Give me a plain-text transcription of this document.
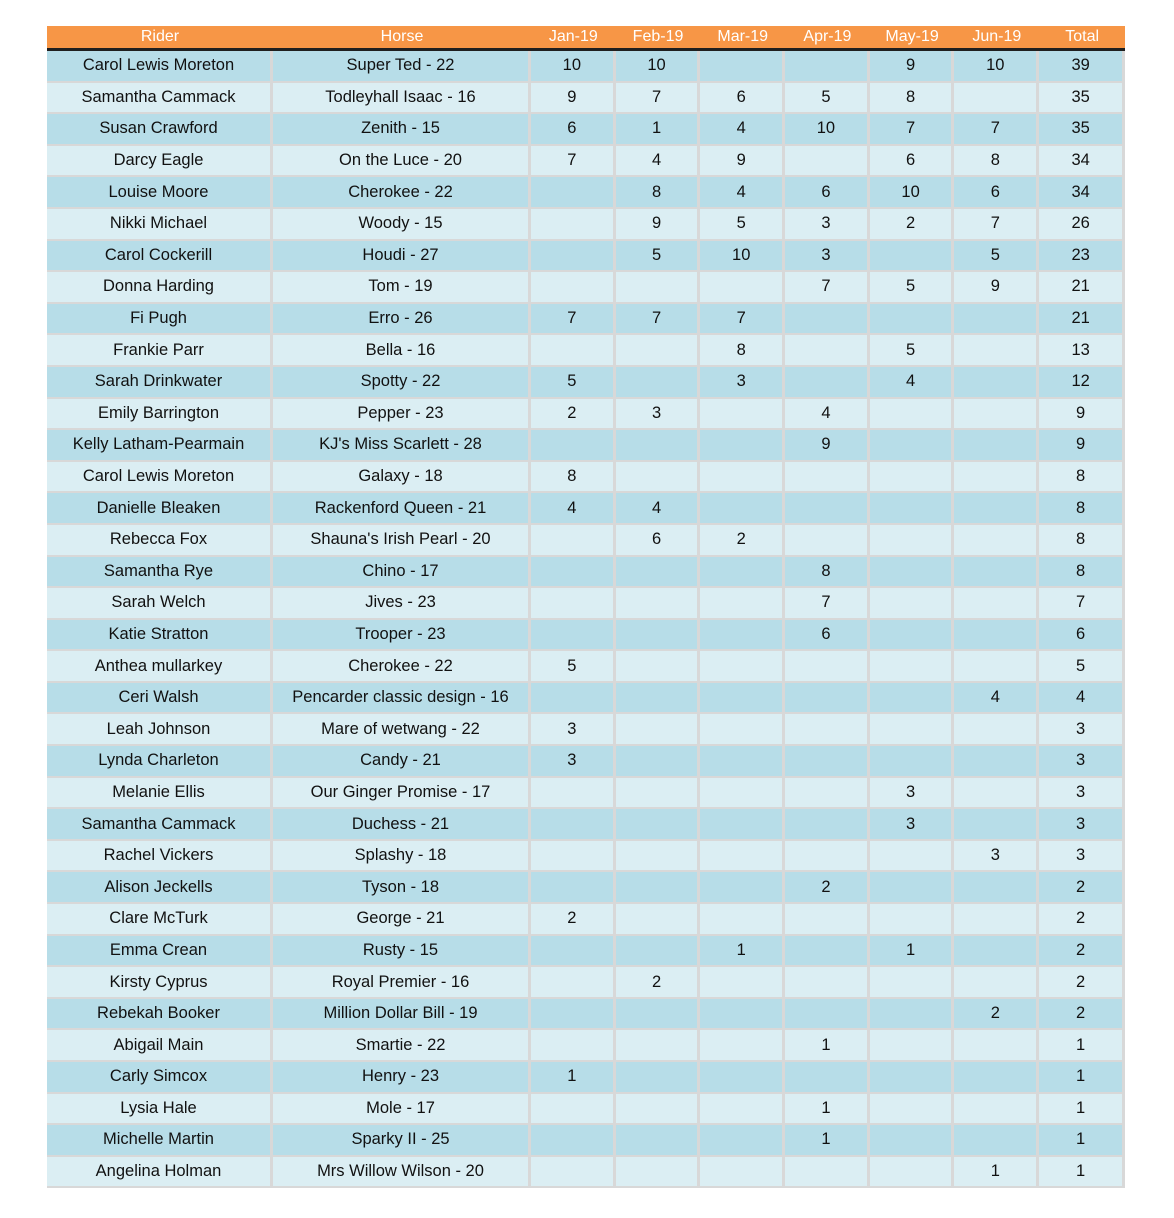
Rider	Horse	Jan-19	Feb-19	Mar-19	Apr-19	May-19	Jun-19	Total
Carol Lewis Moreton	Super Ted - 22	10	10			9	10	39
Samantha Cammack	Todleyhall Isaac - 16	9	7	6	5	8		35
Susan Crawford	Zenith - 15	6	1	4	10	7	7	35
Darcy Eagle	On the Luce - 20	7	4	9		6	8	34
Louise Moore	Cherokee - 22		8	4	6	10	6	34
Nikki Michael	Woody - 15		9	5	3	2	7	26
Carol Cockerill	Houdi - 27		5	10	3		5	23
Donna Harding	Tom - 19				7	5	9	21
Fi Pugh	Erro - 26	7	7	7				21
Frankie Parr	Bella - 16			8		5		13
Sarah Drinkwater	Spotty - 22	5		3		4		12
Emily Barrington	Pepper - 23	2	3		4			9
Kelly Latham-Pearmain	KJ's Miss Scarlett - 28				9			9
Carol Lewis Moreton	Galaxy - 18	8						8
Danielle Bleaken	Rackenford Queen - 21	4	4					8
Rebecca Fox	Shauna's Irish Pearl - 20		6	2				8
Samantha Rye	Chino - 17				8			8
Sarah Welch	Jives - 23				7			7
Katie Stratton	Trooper - 23				6			6
Anthea mullarkey	Cherokee - 22	5						5
Ceri Walsh	Pencarder classic design - 16						4	4
Leah Johnson	Mare of wetwang - 22	3						3
Lynda Charleton	Candy - 21	3						3
Melanie Ellis	Our Ginger Promise - 17					3		3
Samantha Cammack	Duchess - 21					3		3
Rachel Vickers	Splashy - 18						3	3
Alison Jeckells	Tyson - 18				2			2
Clare McTurk	George - 21	2						2
Emma Crean	Rusty - 15			1		1		2
Kirsty Cyprus	Royal Premier - 16		2					2
Rebekah Booker	Million Dollar Bill - 19						2	2
Abigail Main	Smartie - 22				1			1
Carly Simcox	Henry - 23	1						1
Lysia Hale	Mole - 17				1			1
Michelle Martin	Sparky II - 25				1			1
Angelina Holman	Mrs Willow Wilson - 20						1	1
